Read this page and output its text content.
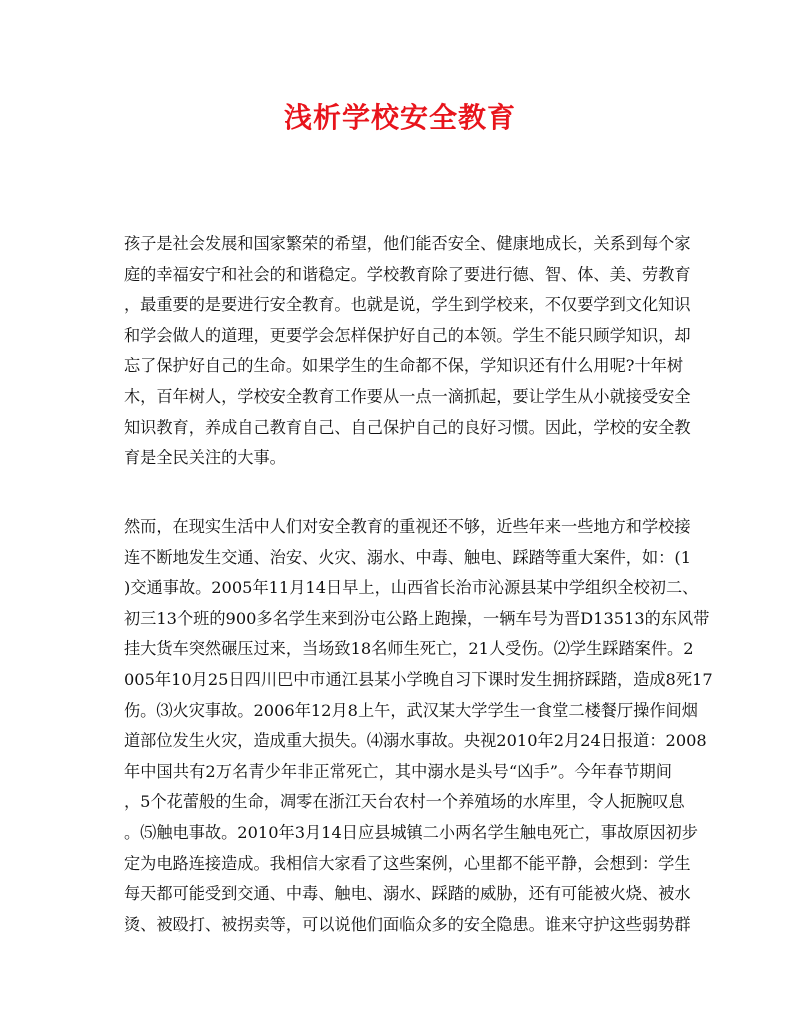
浅析学校安全教育
孩子是社会发展和国家繁荣的希望，他们能否安全、健康地成长，关系到每个家
庭的幸福安宁和社会的和谐稳定。学校教育除了要进行德、智、体、美、劳教育
，最重要的是要进行安全教育。也就是说，学生到学校来，不仅要学到文化知识
和学会做人的道理，更要学会怎样保护好自己的本领。学生不能只顾学知识，却
忘了保护好自己的生命。如果学生的生命都不保，学知识还有什么用呢?十年树
木，百年树人，学校安全教育工作要从一点一滴抓起，要让学生从小就接受安全
知识教育，养成自己教育自己、自己保护自己的良好习惯。因此，学校的安全教
育是全民关注的大事。
然而，在现实生活中人们对安全教育的重视还不够，近些年来一些地方和学校接
连不断地发生交通、治安、火灾、溺水、中毒、触电、踩踏等重大案件，如：(1
)交通事故。2005年11月14日早上，山西省长治市沁源县某中学组织全校初二、
初三13个班的900多名学生来到汾屯公路上跑操，一辆车号为晋D13513的东风带
挂大货车突然碾压过来，当场致18名师生死亡，21人受伤。⑵学生踩踏案件。2
005年10月25日四川巴中市通江县某小学晚自习下课时发生拥挤踩踏，造成8死17
伤。⑶火灾事故。2006年12月8上午，武汉某大学学生一食堂二楼餐厅操作间烟
道部位发生火灾，造成重大损失。⑷溺水事故。央视2010年2月24日报道：2008
年中国共有2万名青少年非正常死亡，其中溺水是头号“凶手”。今年春节期间
，5个花蕾般的生命，凋零在浙江天台农村一个养殖场的水库里，令人扼腕叹息
。⑸触电事故。2010年3月14日应县城镇二小两名学生触电死亡，事故原因初步
定为电路连接造成。我相信大家看了这些案例，心里都不能平静，会想到：学生
每天都可能受到交通、中毒、触电、溺水、踩踏的威胁，还有可能被火烧、被水
烫、被殴打、被拐卖等，可以说他们面临众多的安全隐患。谁来守护这些弱势群
